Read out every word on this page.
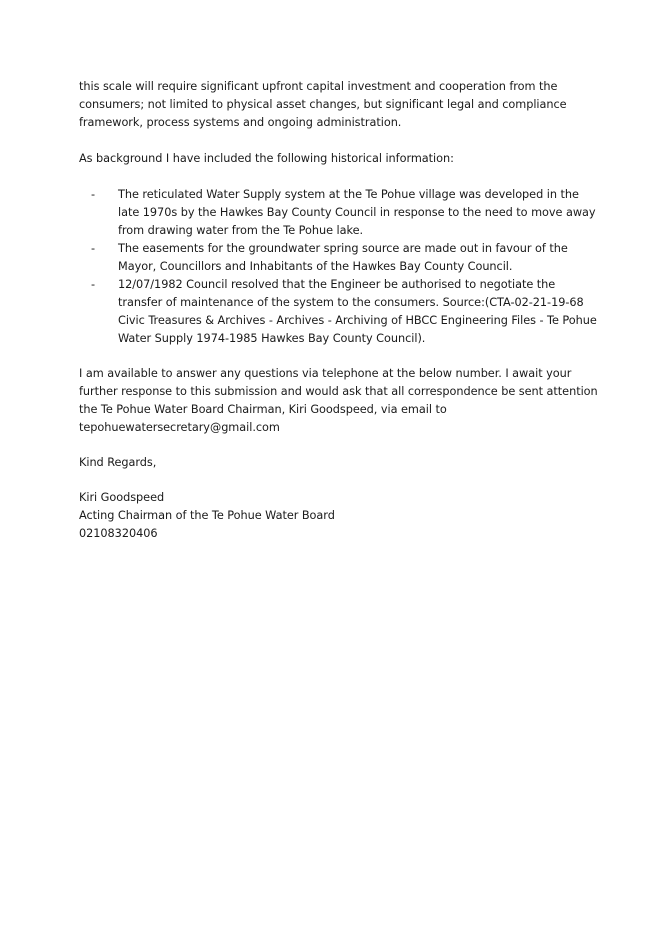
this scale will require significant upfront capital investment and cooperation from the consumers; not limited to physical asset changes, but significant legal and compliance framework, process systems and ongoing administration.

As background I have included the following historical information:

- The reticulated Water Supply system at the Te Pohue village was developed in the late 1970s by the Hawkes Bay County Council in response to the need to move away from drawing water from the Te Pohue lake.
- The easements for the groundwater spring source are made out in favour of the Mayor, Councillors and Inhabitants of the Hawkes Bay County Council.
- 12/07/1982 Council resolved that the Engineer be authorised to negotiate the transfer of maintenance of the system to the consumers. Source:(CTA-02-21-19-68 Civic Treasures & Archives - Archives - Archiving of HBCC Engineering Files - Te Pohue Water Supply 1974-1985 Hawkes Bay County Council).

I am available to answer any questions via telephone at the below number. I await your further response to this submission and would ask that all correspondence be sent attention the Te Pohue Water Board Chairman, Kiri Goodspeed, via email to tepohuewatersecretary@gmail.com

Kind Regards,

Kiri Goodspeed

Acting Chairman of the Te Pohue Water Board

02108320406
